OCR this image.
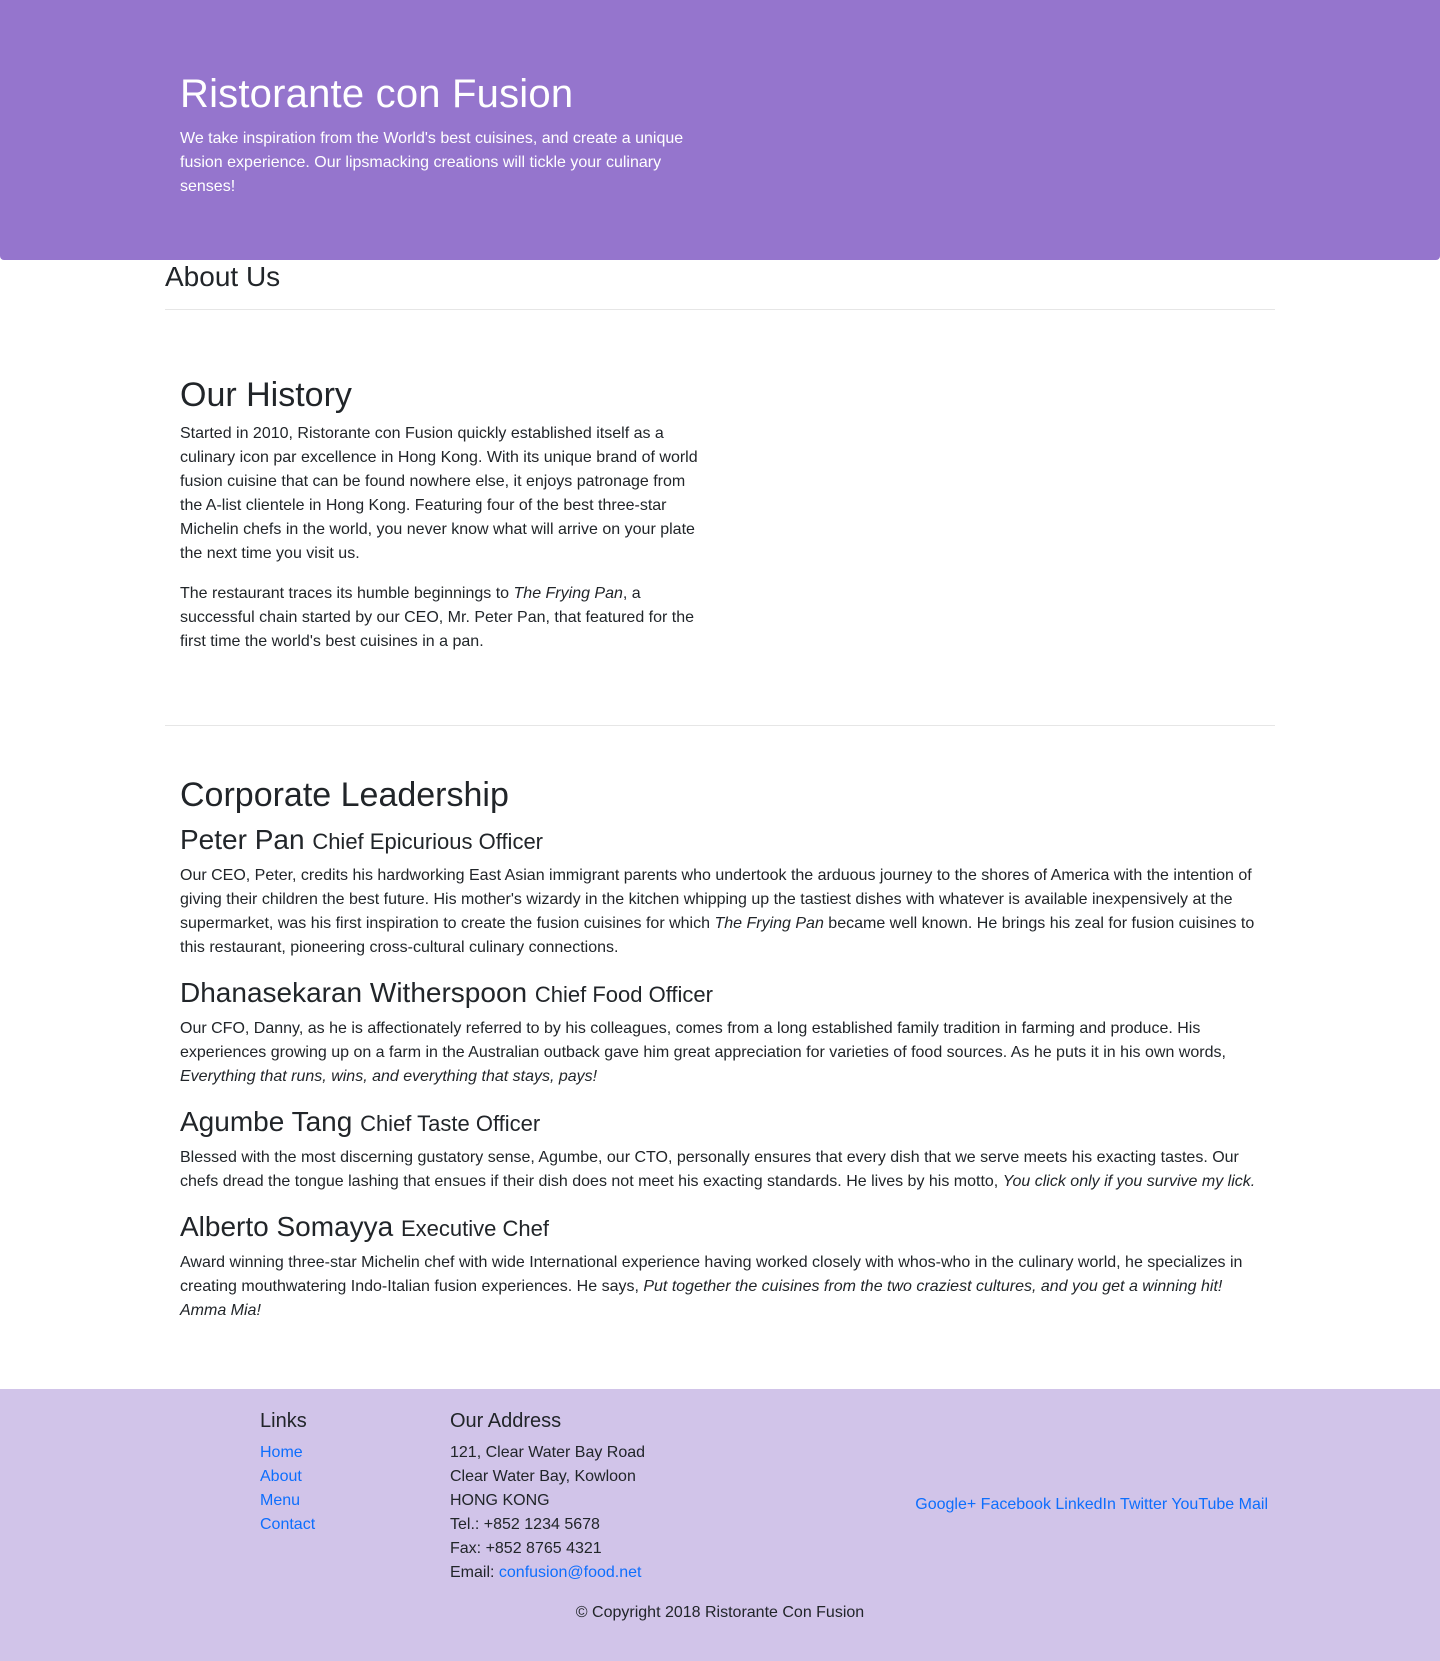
Ristorante con Fusion

We take inspiration from the World's best cuisines, and create a unique fusion experience. Our lipsmacking creations will tickle your culinary senses!

About Us
Our History

Started in 2010, Ristorante con Fusion quickly established itself as a culinary icon par excellence in Hong Kong. With its unique brand of world fusion cuisine that can be found nowhere else, it enjoys patronage from the A-list clientele in Hong Kong. Featuring four of the best three-star Michelin chefs in the world, you never know what will arrive on your plate the next time you visit us.

The restaurant traces its humble beginnings to The Frying Pan, a successful chain started by our CEO, Mr. Peter Pan, that featured for the first time the world's best cuisines in a pan.

Corporate Leadership
Peter Pan Chief Epicurious Officer

Our CEO, Peter, credits his hardworking East Asian immigrant parents who undertook the arduous journey to the shores of America with the intention of giving their children the best future. His mother's wizardy in the kitchen whipping up the tastiest dishes with whatever is available inexpensively at the supermarket, was his first inspiration to create the fusion cuisines for which The Frying Pan became well known. He brings his zeal for fusion cuisines to this restaurant, pioneering cross-cultural culinary connections.

Dhanasekaran Witherspoon Chief Food Officer

Our CFO, Danny, as he is affectionately referred to by his colleagues, comes from a long established family tradition in farming and produce. His experiences growing up on a farm in the Australian outback gave him great appreciation for varieties of food sources. As he puts it in his own words, Everything that runs, wins, and everything that stays, pays!

Agumbe Tang Chief Taste Officer

Blessed with the most discerning gustatory sense, Agumbe, our CTO, personally ensures that every dish that we serve meets his exacting tastes. Our chefs dread the tongue lashing that ensues if their dish does not meet his exacting standards. He lives by his motto, You click only if you survive my lick.

Alberto Somayya Executive Chef

Award winning three-star Michelin chef with wide International experience having worked closely with whos-who in the culinary world, he specializes in creating mouthwatering Indo-Italian fusion experiences. He says, Put together the cuisines from the two craziest cultures, and you get a winning hit! Amma Mia!

Links
Home
About
Menu
Contact
Our Address
121, Clear Water Bay Road
Clear Water Bay, Kowloon
HONG KONG
Tel.: +852 1234 5678
Fax: +852 8765 4321
Email: confusion@food.net
Google+ Facebook LinkedIn Twitter YouTube Mail

© Copyright 2018 Ristorante Con Fusion
